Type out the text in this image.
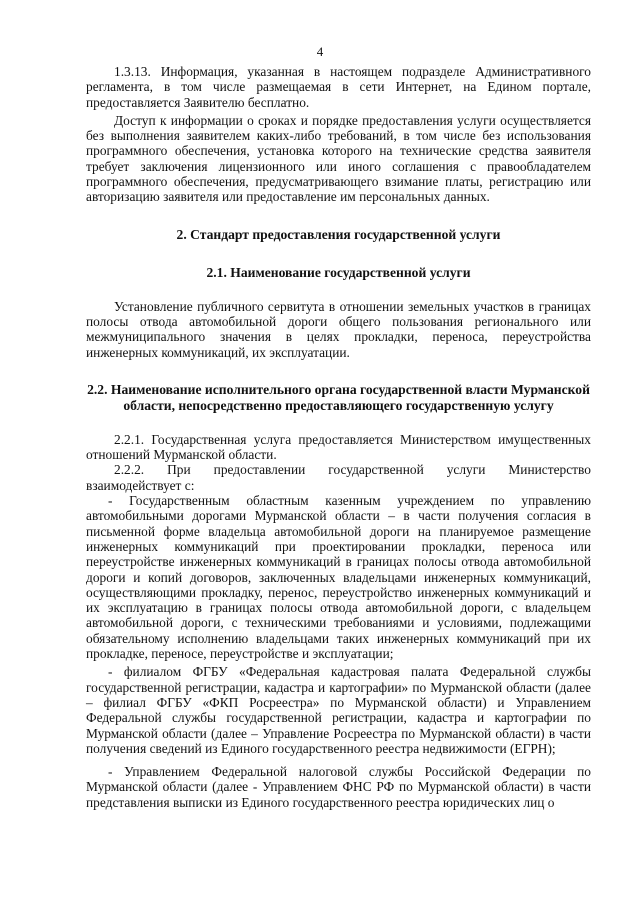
4

1.3.13. Информация, указанная в настоящем подразделе Административного регламента, в том числе размещаемая в сети Интернет, на Едином портале, предоставляется Заявителю бесплатно.

Доступ к информации о сроках и порядке предоставления услуги осуществляется без выполнения заявителем каких-либо требований, в том числе без использования программного обеспечения, установка которого на технические средства заявителя требует заключения лицензионного или иного соглашения с правообладателем программного обеспечения, предусматривающего взимание платы, регистрацию или авторизацию заявителя или предоставление им персональных данных.

2. Стандарт предоставления государственной услуги

2.1. Наименование государственной услуги

Установление публичного сервитута в отношении земельных участков в границах полосы отвода автомобильной дороги общего пользования регионального или межмуниципального значения в целях прокладки, переноса, переустройства инженерных коммуникаций, их эксплуатации.

2.2. Наименование исполнительного органа государственной власти Мурманской области, непосредственно предоставляющего государственную услугу

2.2.1. Государственная услуга предоставляется Министерством имущественных отношений Мурманской области.

2.2.2. При предоставлении государственной услуги Министерство

взаимодействует с:

- Государственным областным казенным учреждением по управлению автомобильными дорогами Мурманской области – в части получения согласия в письменной форме владельца автомобильной дороги на планируемое размещение инженерных коммуникаций при проектировании прокладки, переноса или переустройстве инженерных коммуникаций в границах полосы отвода автомобильной дороги и копий договоров, заключенных владельцами инженерных коммуникаций, осуществляющими прокладку, перенос, переустройство инженерных коммуникаций и их эксплуатацию в границах полосы отвода автомобильной дороги, с владельцем автомобильной дороги, с техническими требованиями и условиями, подлежащими обязательному исполнению владельцами таких инженерных коммуникаций при их прокладке, переносе, переустройстве и эксплуатации;

- филиалом ФГБУ «Федеральная кадастровая палата Федеральной службы государственной регистрации, кадастра и картографии» по Мурманской области (далее – филиал ФГБУ «ФКП Росреестра» по Мурманской области) и Управлением Федеральной службы государственной регистрации, кадастра и картографии по Мурманской области (далее – Управление Росреестра по Мурманской области) в части получения сведений из Единого государственного реестра недвижимости (ЕГРН);

- Управлением Федеральной налоговой службы Российской Федерации по Мурманской области (далее - Управлением ФНС РФ по Мурманской области) в части представления выписки из Единого государственного реестра юридических лиц о
